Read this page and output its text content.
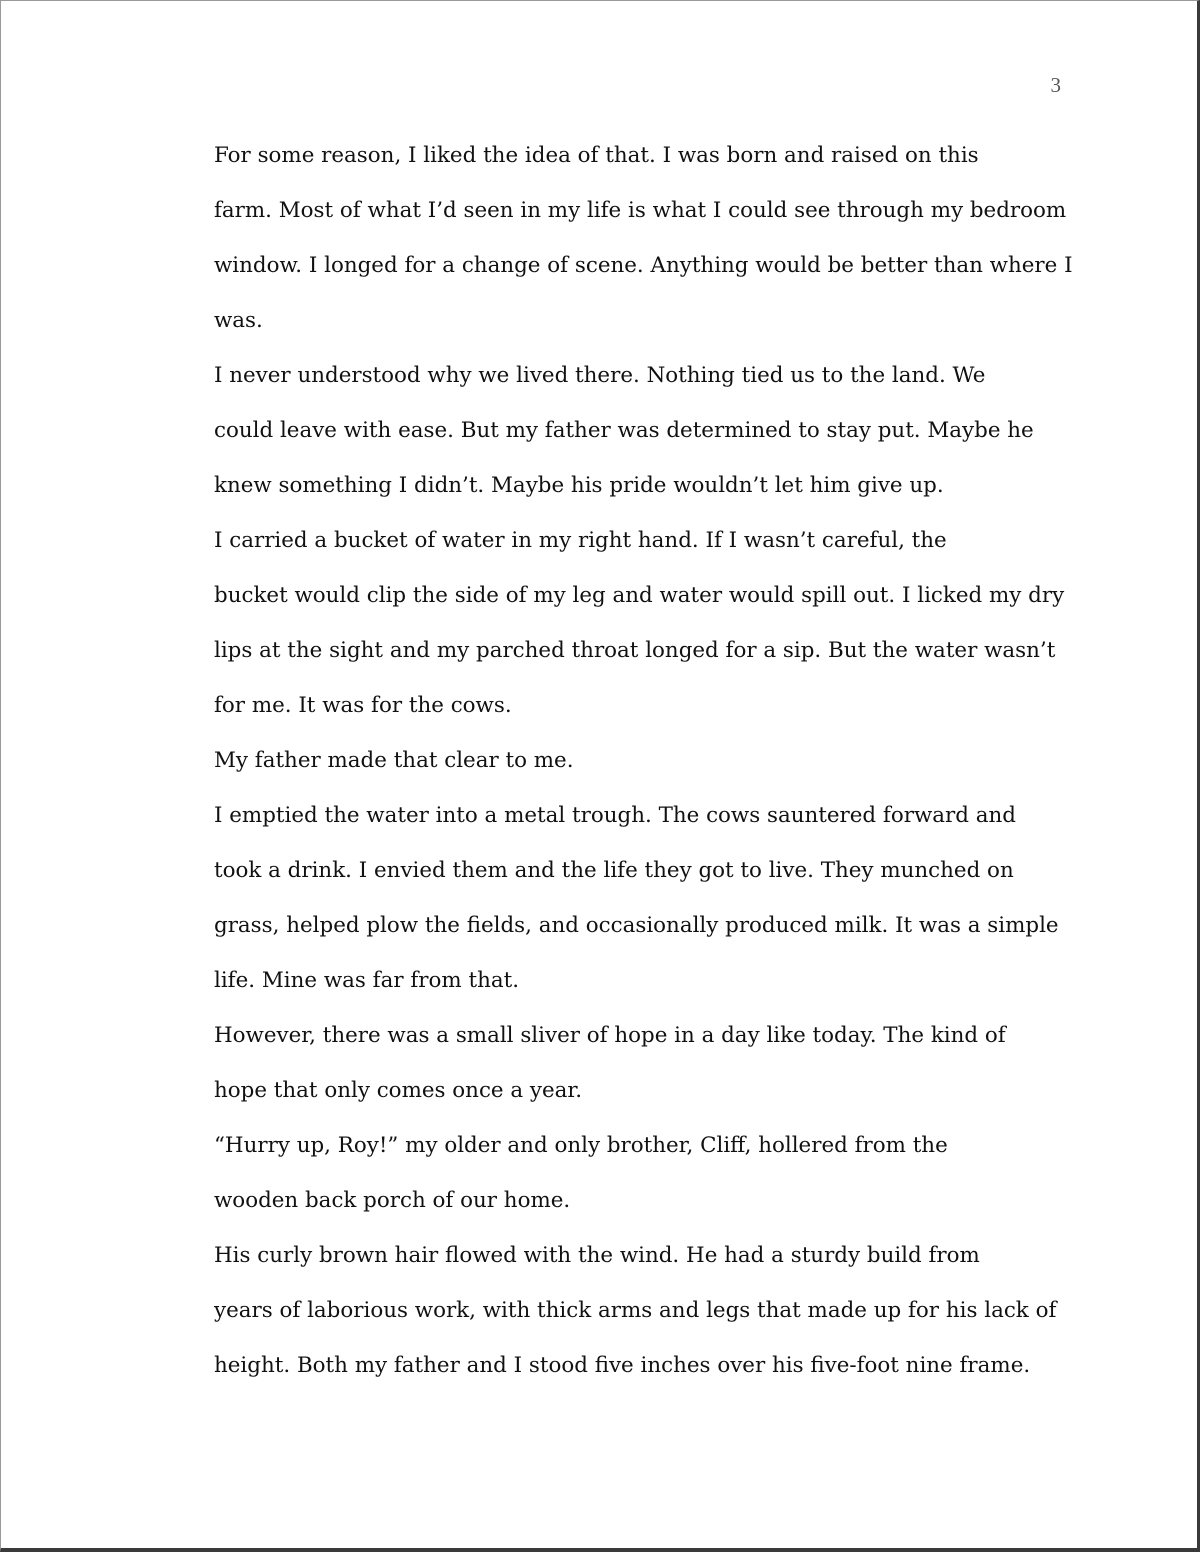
3

For some reason, I liked the idea of that. I was born and raised on this
farm. Most of what I’d seen in my life is what I could see through my bedroom
window. I longed for a change of scene. Anything would be better than where I
was.

I never understood why we lived there. Nothing tied us to the land. We
could leave with ease. But my father was determined to stay put. Maybe he
knew something I didn’t. Maybe his pride wouldn’t let him give up.

I carried a bucket of water in my right hand. If I wasn’t careful, the
bucket would clip the side of my leg and water would spill out. I licked my dry
lips at the sight and my parched throat longed for a sip. But the water wasn’t
for me. It was for the cows.

My father made that clear to me.

I emptied the water into a metal trough. The cows sauntered forward and
took a drink. I envied them and the life they got to live. They munched on
grass, helped plow the fields, and occasionally produced milk. It was a simple
life. Mine was far from that.

However, there was a small sliver of hope in a day like today. The kind of
hope that only comes once a year.

“Hurry up, Roy!” my older and only brother, Cliff, hollered from the
wooden back porch of our home.

His curly brown hair flowed with the wind. He had a sturdy build from
years of laborious work, with thick arms and legs that made up for his lack of
height. Both my father and I stood five inches over his five-foot nine frame.
